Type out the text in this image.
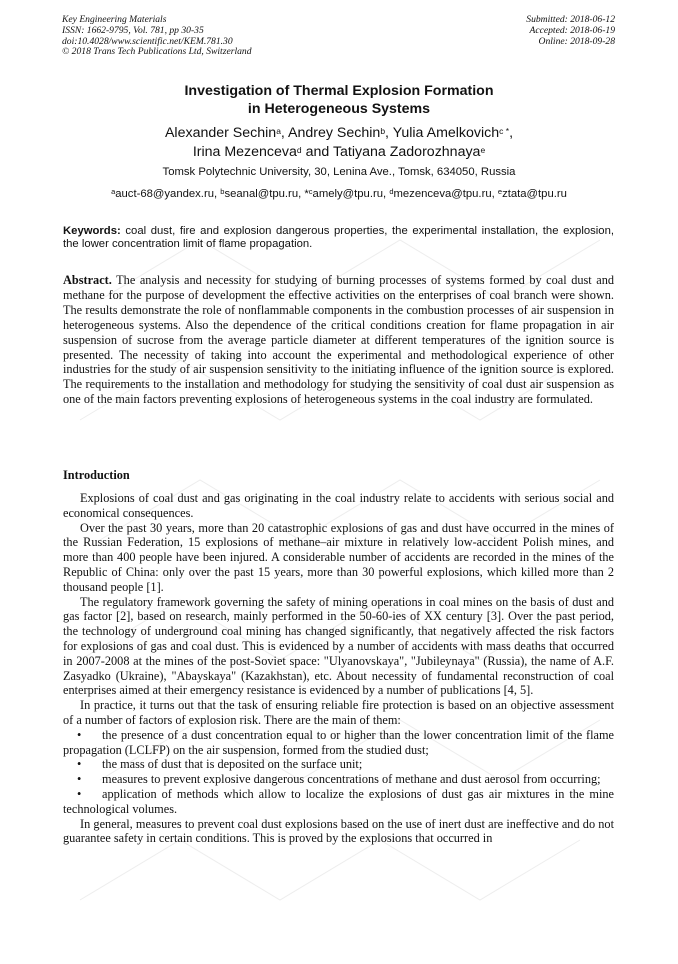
Key Engineering Materials
ISSN: 1662-9795, Vol. 781, pp 30-35
doi:10.4028/www.scientific.net/KEM.781.30
© 2018 Trans Tech Publications Ltd, Switzerland
Submitted: 2018-06-12
Accepted: 2018-06-19
Online: 2018-09-28
Investigation of Thermal Explosion Formation
in Heterogeneous Systems
Alexander Sechin$^a$, Andrey Sechin$^b$, Yulia Amelkovich$^{c *}$,
Irina Mezenceva$^d$ and Tatiyana Zadorozhnaya$^e$
Tomsk Polytechnic University, 30, Lenina Ave., Tomsk, 634050, Russia
$^a$auct-68@yandex.ru, $^b$seanal@tpu.ru, *$^c$amely@tpu.ru, $^d$mezenceva@tpu.ru, $^e$ztata@tpu.ru
Keywords: coal dust, fire and explosion dangerous properties, the experimental installation, the explosion, the lower concentration limit of flame propagation.
Abstract. The analysis and necessity for studying of burning processes of systems formed by coal dust and methane for the purpose of development the effective activities on the enterprises of coal branch were shown. The results demonstrate the role of nonflammable components in the combustion processes of air suspension in heterogeneous systems. Also the dependence of the critical conditions creation for flame propagation in air suspension of sucrose from the average particle diameter at different temperatures of the ignition source is presented. The necessity of taking into account the experimental and methodological experience of other industries for the study of air suspension sensitivity to the initiating influence of the ignition source is explored. The requirements to the installation and methodology for studying the sensitivity of coal dust air suspension as one of the main factors preventing explosions of heterogeneous systems in the coal industry are formulated.
Introduction

Explosions of coal dust and gas originating in the coal industry relate to accidents with serious social and economical consequences.

Over the past 30 years, more than 20 catastrophic explosions of gas and dust have occurred in the mines of the Russian Federation, 15 explosions of methane–air mixture in relatively low-accident Polish mines, and more than 400 people have been injured. A considerable number of accidents are recorded in the mines of the Republic of China: only over the past 15 years, more than 30 powerful explosions, which killed more than 2 thousand people [1].

The regulatory framework governing the safety of mining operations in coal mines on the basis of dust and gas factor [2], based on research, mainly performed in the 50-60-ies of XX century [3]. Over the past period, the technology of underground coal mining has changed significantly, that negatively affected the risk factors for explosions of gas and coal dust. This is evidenced by a number of accidents with mass deaths that occurred in 2007-2008 at the mines of the post-Soviet space: "Ulyanovskaya", "Jubileynaya" (Russia), the name of A.F. Zasyadko (Ukraine), "Abayskaya" (Kazakhstan), etc. About necessity of fundamental reconstruction of coal enterprises aimed at their emergency resistance is evidenced by a number of publications [4, 5].

In practice, it turns out that the task of ensuring reliable fire protection is based on an objective assessment of a number of factors of explosion risk. There are the main of them:

• the presence of a dust concentration equal to or higher than the lower concentration limit of the flame propagation (LCLFP) on the air suspension, formed from the studied dust;
• the mass of dust that is deposited on the surface unit;
• measures to prevent explosive dangerous concentrations of methane and dust aerosol from occurring;
• application of methods which allow to localize the explosions of dust gas air mixtures in the mine technological volumes.

In general, measures to prevent coal dust explosions based on the use of inert dust are ineffective and do not guarantee safety in certain conditions. This is proved by the explosions that occurred in
